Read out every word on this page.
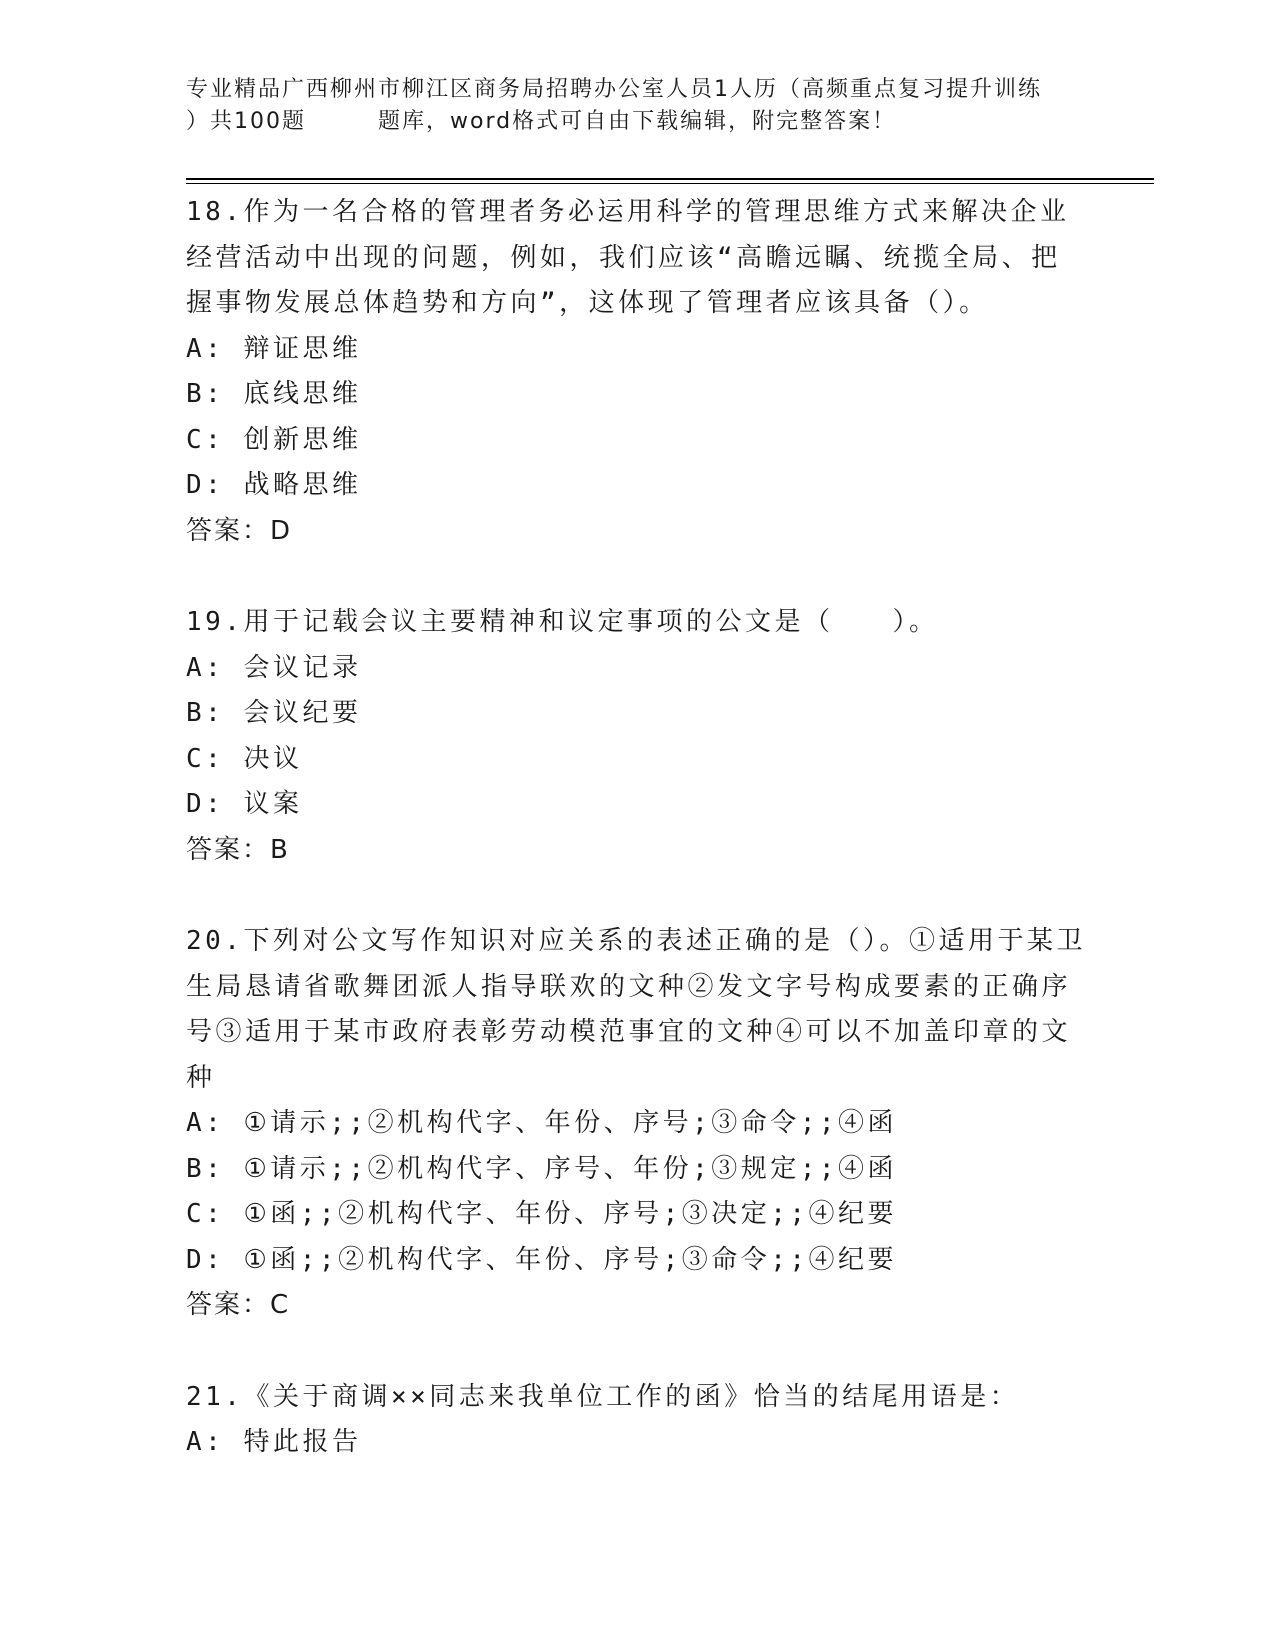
专业精品广西柳州市柳江区商务局招聘办公室人员1人历（高频重点复习提升训练
）共100题	题库，word格式可自由下载编辑，附完整答案！

18.作为一名合格的管理者务必运用科学的管理思维方式来解决企业经营活动中出现的问题，例如，我们应该“高瞻远瞩、统揽全局、把握事物发展总体趋势和方向”，这体现了管理者应该具备（）。

A: 辩证思维

B: 底线思维

C: 创新思维

D: 战略思维

答案：D

19.用于记载会议主要精神和议定事项的公文是（　　）。

A: 会议记录

B: 会议纪要

C: 决议

D: 议案

答案：B

20.下列对公文写作知识对应关系的表述正确的是（）。①适用于某卫生局恳请省歌舞团派人指导联欢的文种②发文字号构成要素的正确序号③适用于某市政府表彰劳动模范事宜的文种④可以不加盖印章的文种

A: ①请示;;②机构代字、年份、序号;③命令;;④函

B: ①请示;;②机构代字、序号、年份;③规定;;④函

C: ①函;;②机构代字、年份、序号;③决定;;④纪要

D: ①函;;②机构代字、年份、序号;③命令;;④纪要

答案：C

21.《关于商调××同志来我单位工作的函》恰当的结尾用语是：

A: 特此报告
